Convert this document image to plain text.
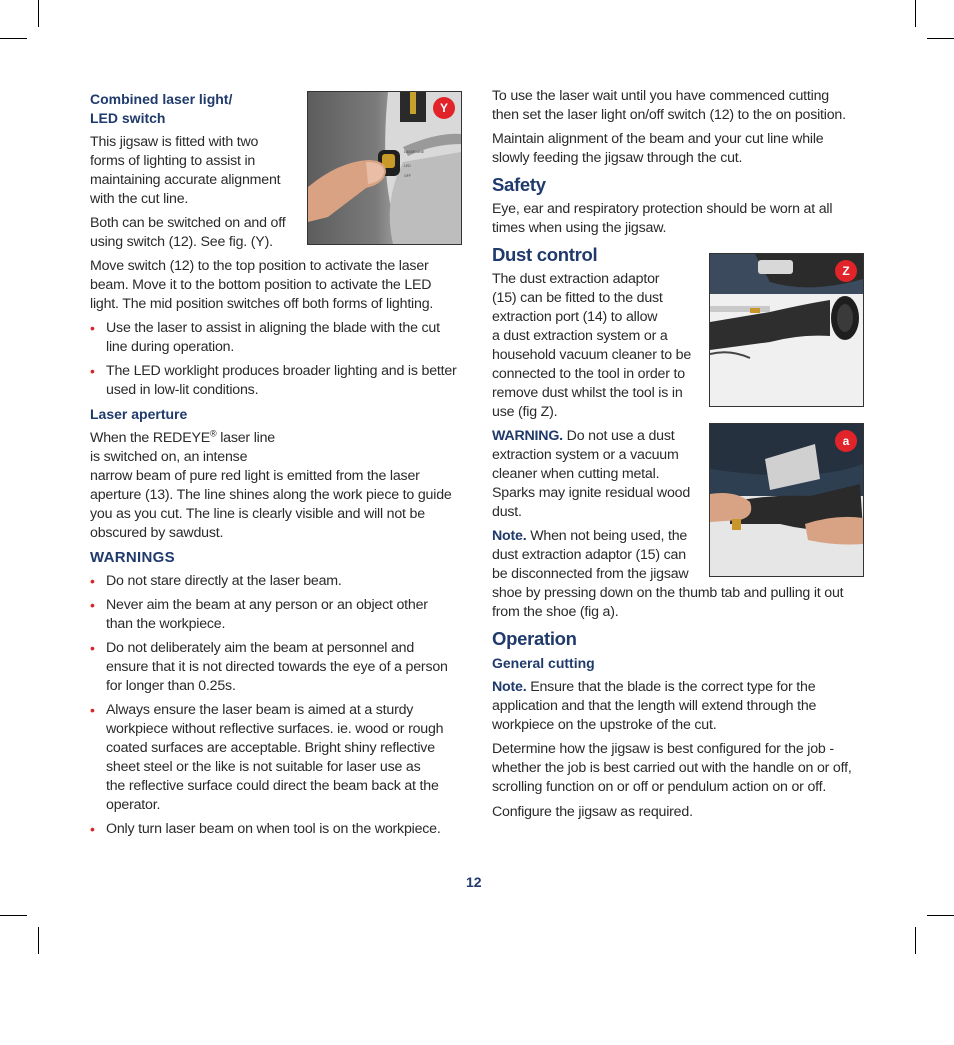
Combined laser light/
LED switch

This jigsaw is fitted with two
forms of lighting to assist in
maintaining accurate alignment
with the cut line.

Both can be switched on and off
using switch (12). See fig. (Y).

Move switch (12) to the top position to activate the laser
beam. Move it to the bottom position to activate the LED
light. The mid position switches off both forms of lighting.

• Use the laser to assist in aligning the blade with the cut
line during operation.
• The LED worklight produces broader lighting and is better
used in low-lit conditions.

Laser aperture

When the REDEYE® laser line
is switched on, an intense
narrow beam of pure red light is emitted from the laser
aperture (13). The line shines along the work piece to guide
you as you cut. The line is clearly visible and will not be
obscured by sawdust.

WARNINGS

• Do not stare directly at the laser beam.
• Never aim the beam at any person or an object other
than the workpiece.
• Do not deliberately aim the beam at personnel and
ensure that it is not directed towards the eye of a person
for longer than 0.25s.
• Always ensure the laser beam is aimed at a sturdy
workpiece without reflective surfaces. ie. wood or rough
coated surfaces are acceptable. Bright shiny reflective
sheet steel or the like is not suitable for laser use as
the reflective surface could direct the beam back at the
operator.
• Only turn laser beam on when tool is on the workpiece.
LASER LINE
LED
OFF
Y

To use the laser wait until you have commenced cutting
then set the laser light on/off switch (12) to the on position.

Maintain alignment of the beam and your cut line while
slowly feeding the jigsaw through the cut.

Safety

Eye, ear and respiratory protection should be worn at all
times when using the jigsaw.

Dust control

The dust extraction adaptor
(15) can be fitted to the dust
extraction port (14) to allow
a dust extraction system or a
household vacuum cleaner to be
connected to the tool in order to
remove dust whilst the tool is in
use (fig Z).

WARNING. Do not use a dust
extraction system or a vacuum
cleaner when cutting metal.
Sparks may ignite residual wood
dust.

Note. When not being used, the
dust extraction adaptor (15) can
be disconnected from the jigsaw
shoe by pressing down on the thumb tab and pulling it out
from the shoe (fig a).

Operation

General cutting

Note. Ensure that the blade is the correct type for the
application and that the length will extend through the
workpiece on the upstroke of the cut.

Determine how the jigsaw is best configured for the job -
whether the job is best carried out with the handle on or off,
scrolling function on or off or pendulum action on or off.

Configure the jigsaw as required.

Z
a
12
